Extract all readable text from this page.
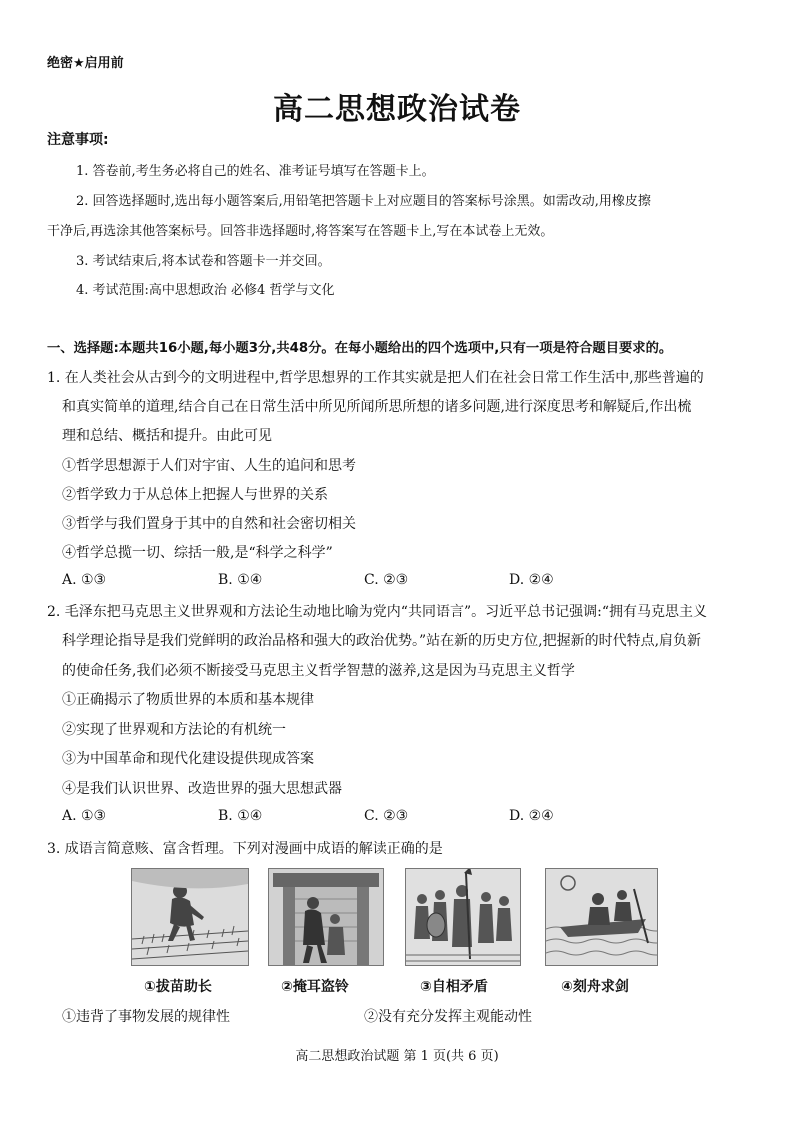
绝密★启用前
高二思想政治试卷
注意事项:
1. 答卷前,考生务必将自己的姓名、准考证号填写在答题卡上。
2. 回答选择题时,选出每小题答案后,用铅笔把答题卡上对应题目的答案标号涂黑。如需改动,用橡皮擦
干净后,再选涂其他答案标号。回答非选择题时,将答案写在答题卡上,写在本试卷上无效。
3. 考试结束后,将本试卷和答题卡一并交回。
4. 考试范围:高中思想政治 必修4 哲学与文化
一、选择题:本题共16小题,每小题3分,共48分。在每小题给出的四个选项中,只有一项是符合题目要求的。
1. 在人类社会从古到今的文明进程中,哲学思想界的工作其实就是把人们在社会日常工作生活中,那些普遍的
和真实简单的道理,结合自己在日常生活中所见所闻所思所想的诸多问题,进行深度思考和解疑后,作出梳
理和总结、概括和提升。由此可见
①哲学思想源于人们对宇宙、人生的追问和思考
②哲学致力于从总体上把握人与世界的关系
③哲学与我们置身于其中的自然和社会密切相关
④哲学总揽一切、综括一般,是“科学之科学”
A. ①③	B. ①④	C. ②③	D. ②④
2. 毛泽东把马克思主义世界观和方法论生动地比喻为党内“共同语言”。习近平总书记强调:“拥有马克思主义
科学理论指导是我们党鲜明的政治品格和强大的政治优势。”站在新的历史方位,把握新的时代特点,肩负新
的使命任务,我们必须不断接受马克思主义哲学智慧的滋养,这是因为马克思主义哲学
①正确揭示了物质世界的本质和基本规律
②实现了世界观和方法论的有机统一
③为中国革命和现代化建设提供现成答案
④是我们认识世界、改造世界的强大思想武器
A. ①③	B. ①④	C. ②③	D. ②④
3. 成语言简意赅、富含哲理。下列对漫画中成语的解读正确的是
①拔苗助长	②掩耳盗铃	③自相矛盾	④刻舟求剑
①违背了事物发展的规律性	②没有充分发挥主观能动性
高二思想政治试题 第 1 页(共 6 页)
